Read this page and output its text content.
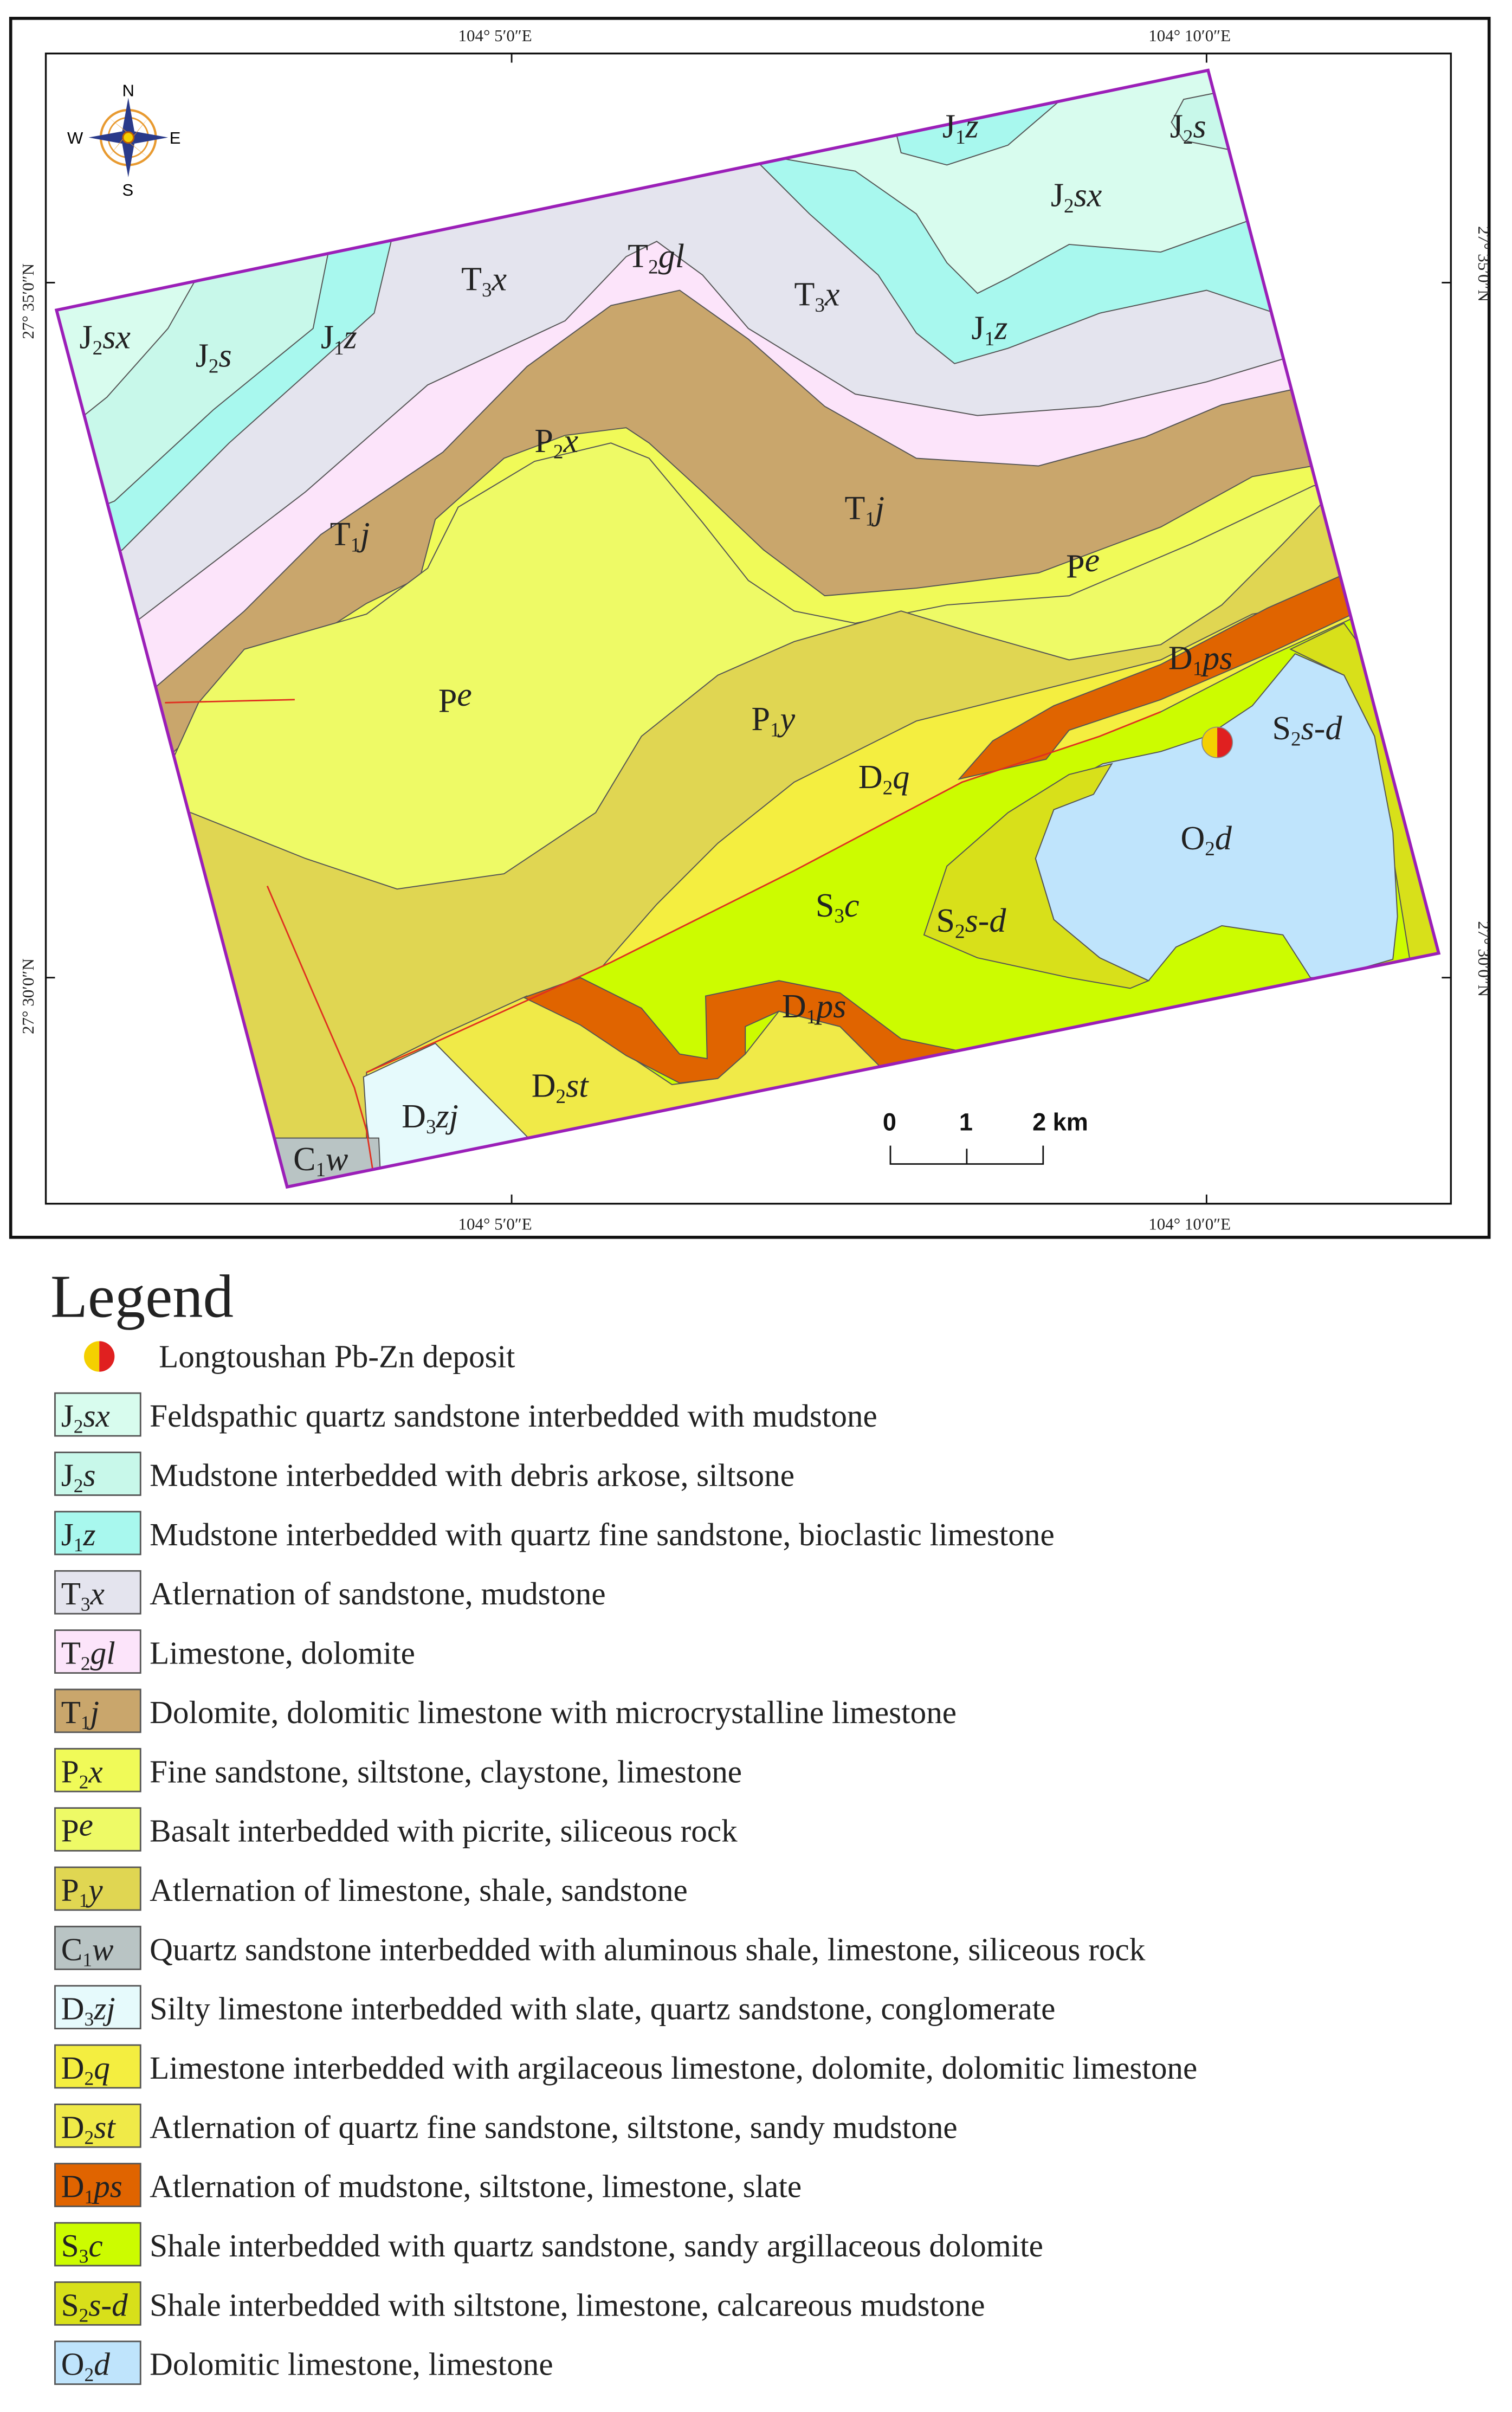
104° 5′0″E	104° 10′0″E
104° 5′0″E	104° 10′0″E
27° 35′0″N
27° 30′0″N
27° 35′0″N
27° 30′0″N
N
S
W	E
0	1	2 km
J2sx	J2s	J1z
T3x
T2gl
T3x
J1z
J1z
J2s
J2sx
P2x
T1j
T1j
Pe
Pe
P1y
D1ps
S2s-d
D2q
O2d
S3c	S2s-d
D1ps
D2st
D3zj
C1w
Legend
Longtoushan Pb-Zn deposit
J2sx	Feldspathic quartz sandstone interbedded with mudstone
J2s	Mudstone interbedded with debris arkose, siltsone
J1z	Mudstone interbedded with quartz fine sandstone, bioclastic limestone
T3x	Atlernation of sandstone, mudstone
T2gl	Limestone, dolomite
T1j	Dolomite, dolomitic limestone with microcrystalline limestone
P2x	Fine sandstone, siltstone, claystone, limestone
Pe	Basalt interbedded with picrite, siliceous rock
P1y	Atlernation of limestone, shale, sandstone
C1w	Quartz sandstone interbedded with aluminous shale, limestone, siliceous rock
D3zj	Silty limestone interbedded with slate, quartz sandstone, conglomerate
D2q	Limestone interbedded with argilaceous limestone, dolomite, dolomitic limestone
D2st	Atlernation of quartz fine sandstone, siltstone, sandy mudstone
D1ps Atlernation of mudstone, siltstone, limestone, slate
S3c	Shale interbedded with quartz sandstone, sandy argillaceous dolomite
S2s-d Shale interbedded with siltstone, limestone, calcareous mudstone
O2d	Dolomitic limestone, limestone
